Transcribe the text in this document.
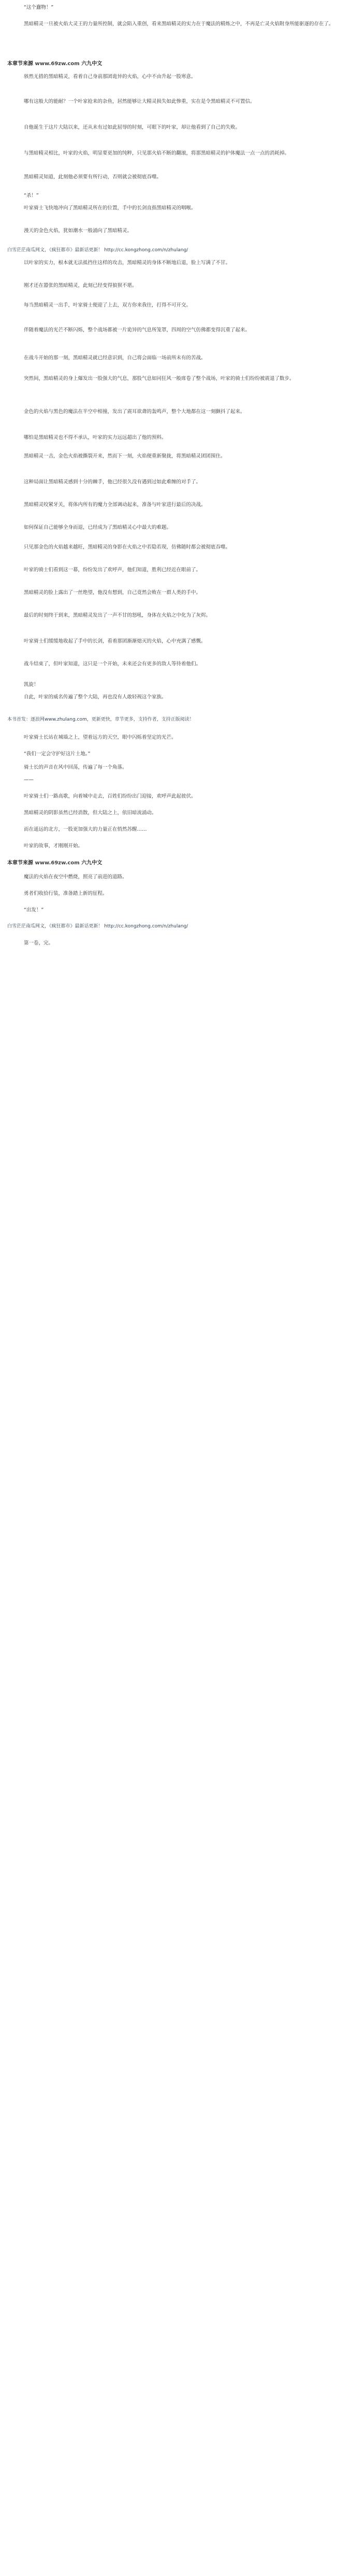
“这个蠢物！”

黑暗精灵一旦被火焰大灵王的力量所控制，就会陷入重创，看来黑暗精灵的实力在于魔法的精炼之中，不再是亡灵火焰附身所能驱逐的存在了。

本章节来源 www.69zw.com 六九中文

骇然无措的黑暗精灵，看着自己身前那团诡异的火焰，心中不由升起一股寒意。

哪有这般大的能耐？一个叶家抢来的杂鱼，居然能够让大精灵损失如此惨重，实在是令黑暗精灵不可置信。

自他诞生于这片大陆以来，还从未有过如此屈辱的时刻，可眼下的叶家，却让他看到了自己的失败。

与黑暗精灵相比，叶家的火焰，明显要更加的纯粹，只见那火焰不断的翻滚，将那黑暗精灵的护体魔法一点一点的消耗掉。

黑暗精灵知道，此刻他必须要有所行动，否则就会被彻底吞噬。

“杀！”

叶家骑士飞快地冲向了黑暗精灵所在的位置，手中的长剑直指黑暗精灵的咽喉。

漫天的金色火焰，犹如潮水一般涌向了黑暗精灵。

白雪茫茫南瓜网文，《疯狂都市》最新话更新！ http://cc.kongzhong.com/n/zhulang/

以叶家的实力，根本就无法抵挡住这样的攻击，黑暗精灵的身体不断地后退，脸上写满了不甘。

刚才还在嚣张的黑暗精灵，此刻已经变得狼狈不堪。

每当黑暗精灵一出手，叶家骑士便迎了上去，双方你来我往，打得不可开交。

伴随着魔法的光芒不断闪烁，整个战场都被一片诡异的气息所笼罩，四周的空气仿佛都变得沉重了起来。

在战斗开始的那一刻，黑暗精灵就已经意识到，自己将会面临一场前所未有的苦战。

突然间，黑暗精灵的身上爆发出一股强大的气息，那股气息如同狂风一般席卷了整个战场，叶家的骑士们纷纷被震退了数步。

金色的火焰与黑色的魔法在半空中相撞，发出了震耳欲聋的轰鸣声，整个大地都在这一刻颤抖了起来。

哪怕是黑暗精灵也不得不承认，叶家的实力远远超出了他的预料。

黑暗精灵一击，金色火焰被撕裂开来，然而下一刻，火焰便重新聚拢，将黑暗精灵团团围住。

这种局面让黑暗精灵感到十分的棘手，他已经很久没有遇到过如此难缠的对手了。

黑暗精灵咬紧牙关，将体内所有的魔力全部调动起来，准备与叶家进行最后的决战。

如何保证自己能够全身而退，已经成为了黑暗精灵心中最大的难题。

只见那金色的火焰越来越旺，黑暗精灵的身影在火焰之中若隐若现，仿佛随时都会被彻底吞噬。

叶家的骑士们看到这一幕，纷纷发出了欢呼声，他们知道，胜利已经近在眼前了。

黑暗精灵的脸上露出了一丝绝望，他没有想到，自己竟然会败在一群人类的手中。

最后的时刻终于到来，黑暗精灵发出了一声不甘的怒吼，身体在火焰之中化为了灰烬。

叶家骑士们缓缓地收起了手中的长剑，看着那团渐渐熄灭的火焰，心中充满了感慨。

战斗结束了，但叶家知道，这只是一个开始，未来还会有更多的敌人等待着他们。

凯旋！

自此，叶家的威名传遍了整个大陆，再也没有人敢轻视这个家族。

本书首发：逐浪网www.zhulang.com，更新更快，章节更多，支持作者，支持正版阅读！

叶家骑士长站在城墙之上，望着远方的天空，眼中闪烁着坚定的光芒。

“我们一定会守护好这片土地。”

骑士长的声音在风中回荡，传遍了每一个角落。

——

叶家骑士们一路高歌，向着城中走去，百姓们纷纷出门迎接，欢呼声此起彼伏。

黑暗精灵的阴影虽然已经消散，但大陆之上，依旧暗流涌动。

而在遥远的北方，一股更加强大的力量正在悄然苏醒……

叶家的故事，才刚刚开始。

本章节来源 www.69zw.com 六九中文

魔法的火焰在夜空中燃烧，照亮了前进的道路。

勇者们收拾行装，准备踏上新的征程。

“出发！”

白雪茫茫南瓜网文，《疯狂都市》最新话更新！ http://cc.kongzhong.com/n/zhulang/

第一卷，完。
